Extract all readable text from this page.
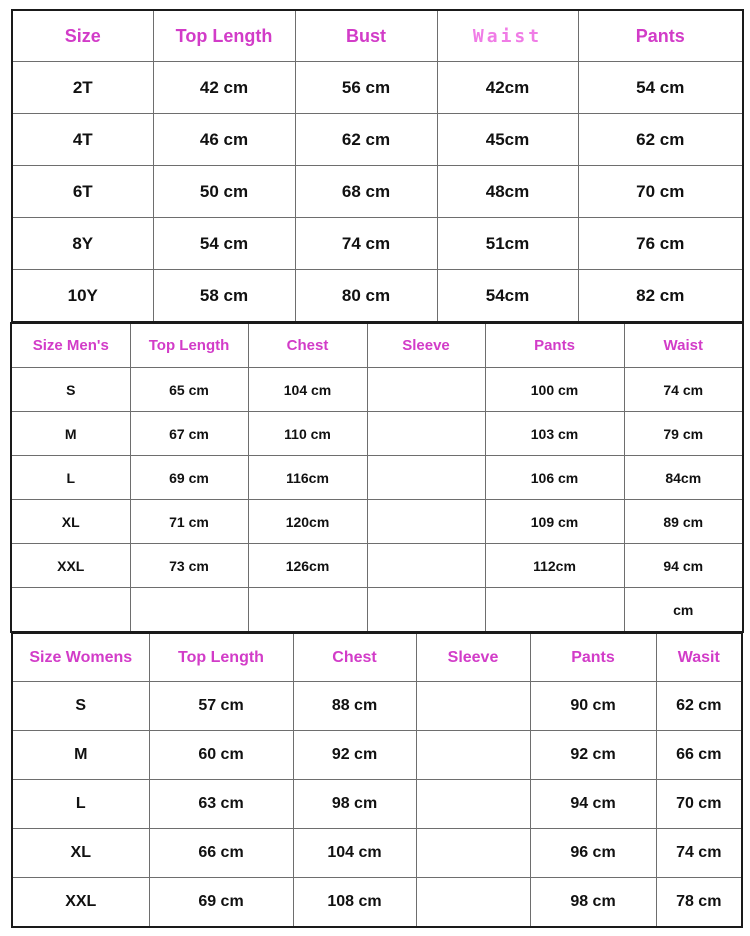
Size	Top Length	Bust	Waist	Pants
2T	42 cm	56 cm	42cm	54 cm
4T	46 cm	62 cm	45cm	62 cm
6T	50 cm	68 cm	48cm	70 cm
8Y	54 cm	74 cm	51cm	76 cm
10Y	58 cm	80 cm	54cm	82 cm
Size Men's	Top Length	Chest	Sleeve	Pants	Waist
S	65 cm	104 cm		100 cm	74 cm
M	67 cm	110 cm		103 cm	79 cm
L	69 cm	116cm		106 cm	84cm
XL	71 cm	120cm		109 cm	89 cm
XXL	73 cm	126cm		112cm	94 cm
					cm
Size Womens	Top Length	Chest	Sleeve	Pants	Wasit
S	57 cm	88 cm		90 cm	62 cm
M	60 cm	92 cm		92 cm	66 cm
L	63 cm	98 cm		94 cm	70 cm
XL	66 cm	104 cm		96 cm	74 cm
XXL	69 cm	108 cm		98 cm	78 cm
